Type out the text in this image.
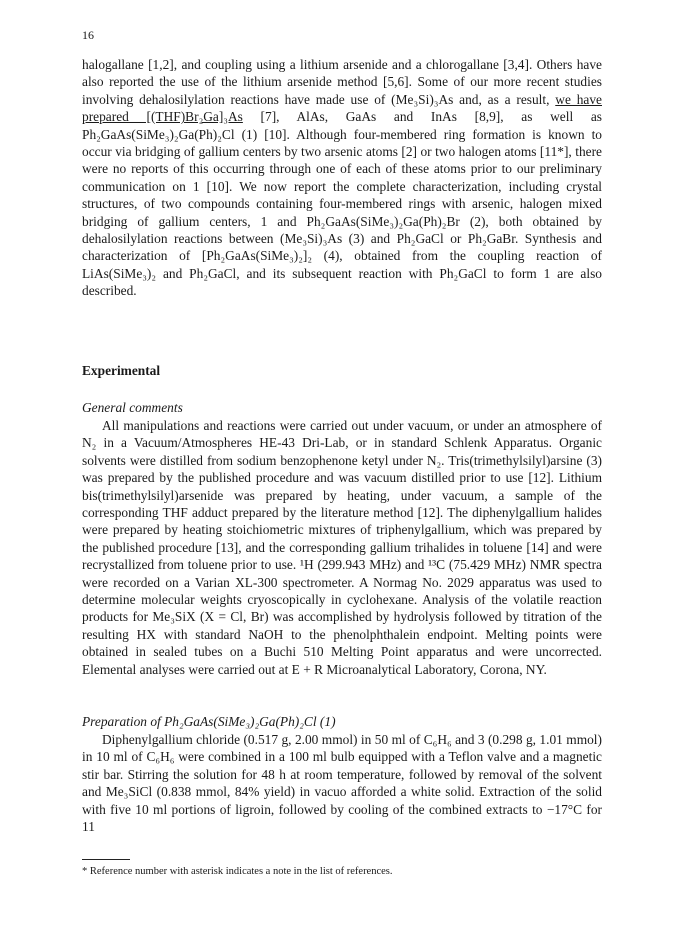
16

halogallane [1,2], and coupling using a lithium arsenide and a chlorogallane [3,4]. Others have also reported the use of the lithium arsenide method [5,6]. Some of our more recent studies involving dehalosilylation reactions have made use of (Me₃Si)₃As and, as a result, we have prepared [(THF)Br₂Ga]₃As [7], AlAs, GaAs and InAs [8,9], as well as Ph₂GaAs(SiMe₃)₂Ga(Ph)₂Cl (1) [10]. Although four-membered ring formation is known to occur via bridging of gallium centers by two arsenic atoms [2] or two halogen atoms [11*], there were no reports of this occurring through one of each of these atoms prior to our preliminary communication on 1 [10]. We now report the complete characterization, including crystal structures, of two compounds containing four-membered rings with arsenic, halogen mixed bridging of gallium centers, 1 and Ph₂GaAs(SiMe₃)₂Ga(Ph)₂Br (2), both obtained by dehalosilylation reactions between (Me₃Si)₃As (3) and Ph₂GaCl or Ph₂GaBr. Synthesis and characterization of [Ph₂GaAs(SiMe₃)₂]₂ (4), obtained from the coupling reaction of LiAs(SiMe₃)₂ and Ph₂GaCl, and its subsequent reaction with Ph₂GaCl to form 1 are also described.

Experimental
General comments

All manipulations and reactions were carried out under vacuum, or under an atmosphere of N₂ in a Vacuum/Atmospheres HE-43 Dri-Lab, or in standard Schlenk Apparatus. Organic solvents were distilled from sodium benzophenone ketyl under N₂. Tris(trimethylsilyl)arsine (3) was prepared by the published procedure and was vacuum distilled prior to use [12]. Lithium bis(trimethylsilyl)arsenide was prepared by heating, under vacuum, a sample of the corresponding THF adduct prepared by the literature method [12]. The diphenylgallium halides were prepared by heating stoichiometric mixtures of triphenylgallium, which was prepared by the published procedure [13], and the corresponding gallium trihalides in toluene [14] and were recrystallized from toluene prior to use. ¹H (299.943 MHz) and ¹³C (75.429 MHz) NMR spectra were recorded on a Varian XL-300 spectrometer. A Normag No. 2029 apparatus was used to determine molecular weights cryoscopically in cyclohexane. Analysis of the volatile reaction products for Me₃SiX (X = Cl, Br) was accomplished by hydrolysis followed by titration of the resulting HX with standard NaOH to the phenolphthalein endpoint. Melting points were obtained in sealed tubes on a Buchi 510 Melting Point apparatus and were uncorrected. Elemental analyses were carried out at E + R Microanalytical Laboratory, Corona, NY.

Preparation of Ph₂GaAs(SiMe₃)₂Ga(Ph)₂Cl (1)

Diphenylgallium chloride (0.517 g, 2.00 mmol) in 50 ml of C₆H₆ and 3 (0.298 g, 1.01 mmol) in 10 ml of C₆H₆ were combined in a 100 ml bulb equipped with a Teflon valve and a magnetic stir bar. Stirring the solution for 48 h at room temperature, followed by removal of the solvent and Me₃SiCl (0.838 mmol, 84% yield) in vacuo afforded a white solid. Extraction of the solid with five 10 ml portions of ligroin, followed by cooling of the combined extracts to −17°C for 11

* Reference number with asterisk indicates a note in the list of references.
